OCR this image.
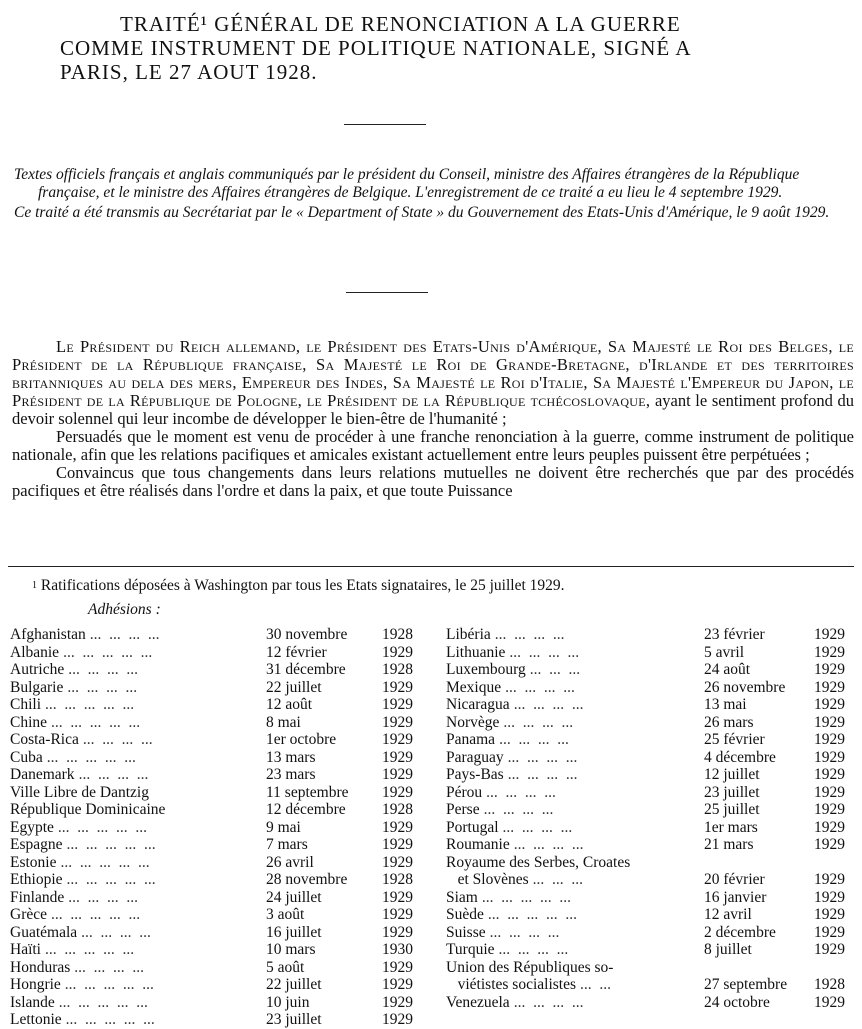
TRAITÉ¹ GÉNÉRAL DE RENONCIATION A LA GUERRE
COMME INSTRUMENT DE POLITIQUE NATIONALE, SIGNÉ A
PARIS, LE 27 AOUT 1928.

Textes officiels français et anglais communiqués par le président du Conseil, ministre des Affaires étrangères de la République française, et le ministre des Affaires étrangères de Belgique. L'enregistrement de ce traité a eu lieu le 4 septembre 1929.

Ce traité a été transmis au Secrétariat par le « Department of State » du Gouvernement des Etats-Unis d'Amérique, le 9 août 1929.

Le Président du Reich allemand, le Président des Etats-Unis d'Amérique, Sa Majesté le Roi des Belges, le Président de la République française, Sa Majesté le Roi de Grande-Bretagne, d'Irlande et des territoires britanniques au dela des mers, Empereur des Indes, Sa Majesté le Roi d'Italie, Sa Majesté l'Empereur du Japon, le Président de la République de Pologne, le Président de la République tchécoslovaque, ayant le sentiment profond du devoir solennel qui leur incombe de développer le bien-être de l'humanité ;

Persuadés que le moment est venu de procéder à une franche renonciation à la guerre, comme instrument de politique nationale, afin que les relations pacifiques et amicales existant actuellement entre leurs peuples puissent être perpétuées ;

Convaincus que tous changements dans leurs relations mutuelles ne doivent être recherchés que par des procédés pacifiques et être réalisés dans l'ordre et dans la paix, et que toute Puissance

$^1$ Ratifications déposées à Washington par tous les Etats signataires, le 25 juillet 1929.
Adhésions :
Afghanistan ...  ...  ...  ...	30 novembre 1928
Albanie ...  ...  ...  ...  ...	12 février	1929
Autriche ...  ...  ...  ...	31 décembre 1928
Bulgarie ...  ...  ...  ...	22 juillet	1929
Chili ...  ...  ...  ...  ...	12 août	1929
Chine ...  ...  ...  ...  ...	8 mai	1929
Costa-Rica ...  ...  ...  ...	1er octobre	1929
Cuba ...  ...  ...  ...  ...	13 mars	1929
Danemark ...  ...  ...  ...	23 mars	1929
Ville Libre de Dantzig	11 septembre 1929
République Dominicaine	12 décembre 1928
Egypte ...  ...  ...  ...  ...	9 mai	1929
Espagne ...  ...  ...  ...  ...	7 mars	1929
Estonie ...  ...  ...  ...  ...	26 avril	1929
Ethiopie ...  ...  ...  ...  ...	28 novembre 1928
Finlande ...  ...  ...  ...	24 juillet	1929
Grèce ...  ...  ...  ...  ...	3 août	1929
Guatémala ...  ...  ...  ...	16 juillet	1929
Haïti ...  ...  ...  ...  ...	10 mars	1930
Honduras ...  ...  ...  ...	5 août	1929
Hongrie ...  ...  ...  ...  ...	22 juillet	1929
Islande ...  ...  ...  ...  ...	10 juin	1929
Lettonie ...  ...  ...  ...  ...	23 juillet	1929
Libéria ...  ...  ...  ...	23 février	1929
Lithuanie ...  ...  ...  ...	5 avril	1929
Luxembourg ...  ...  ...	24 août	1929
Mexique ...  ...  ...  ...	26 novembre 1929
Nicaragua ...  ...  ...  ...	13 mai	1929
Norvège ...  ...  ...  ...	26 mars	1929
Panama ...  ...  ...  ...	25 février	1929
Paraguay ...  ...  ...  ...	4 décembre 1929
Pays-Bas ...  ...  ...  ...	12 juillet	1929
Pérou ...  ...  ...  ...	23 juillet	1929
Perse ...  ...  ...  ...	25 juillet	1929
Portugal ...  ...  ...  ...	1er mars	1929
Roumanie ...  ...  ...  ...	21 mars	1929
Royaume des Serbes, Croates
et Slovènes ...  ...  ...	20 février	1929
Siam ...  ...  ...  ...  ...	16 janvier	1929
Suède ...  ...  ...  ...  ...	12 avril	1929
Suisse ...  ...  ...  ...	2 décembre 1929
Turquie ...  ...  ...  ...	8 juillet	1929
Union des Républiques so-
viétistes socialistes ...  ...	27 septembre 1928
Venezuela ...  ...  ...  ...	24 octobre	1929
